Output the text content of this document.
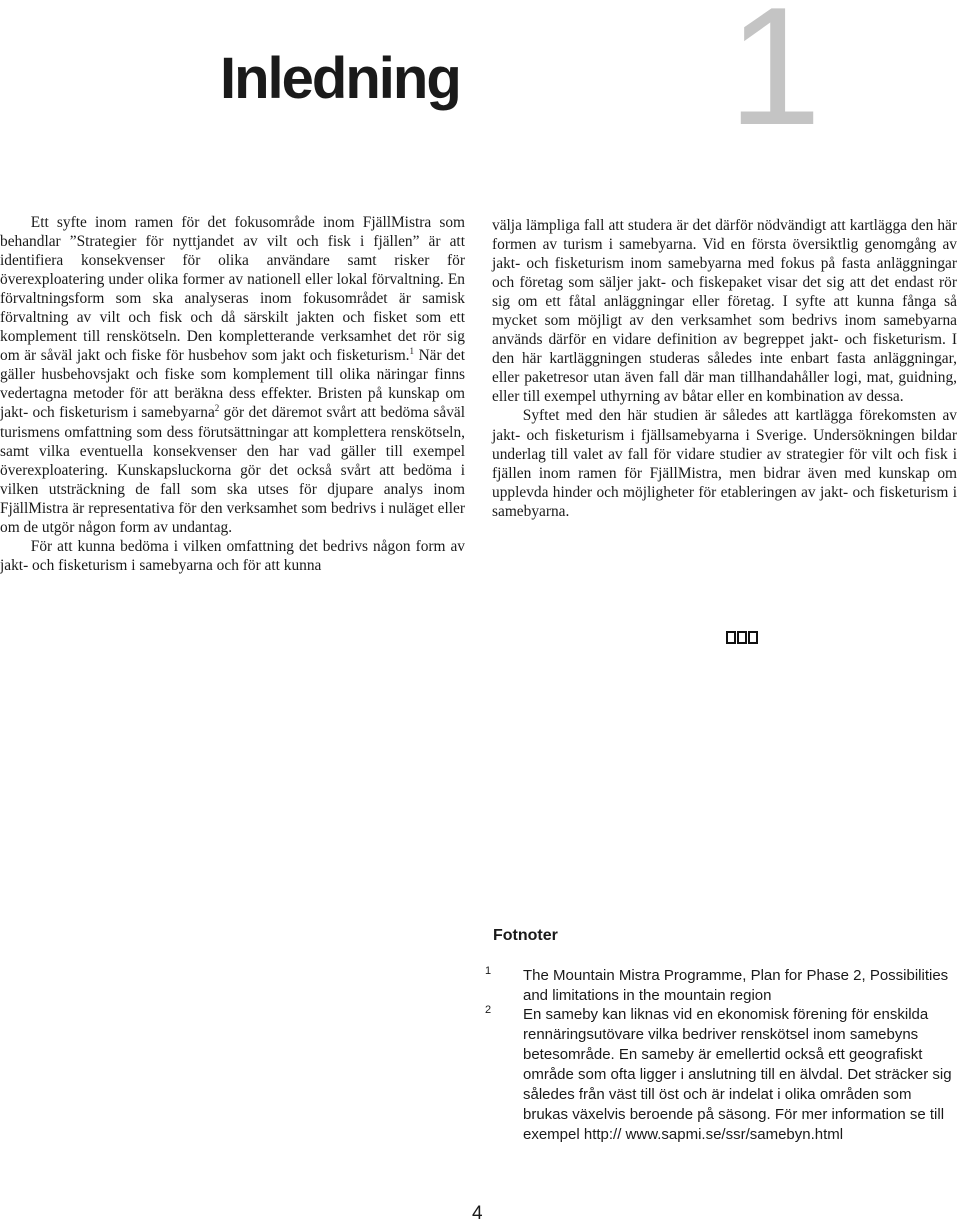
1
Inledning

Ett syfte inom ramen för det fokusområde inom FjällMistra som behandlar ”Strategier för nyttjandet av vilt och fisk i fjällen” är att identifiera konsekvenser för olika användare samt risker för överexploatering under olika former av nationell eller lokal förvaltning. En förvaltningsform som ska analyseras inom fokusområdet är samisk förvaltning av vilt och fisk och då särskilt jakten och fisket som ett komplement till renskötseln. Den kompletterande verksamhet det rör sig om är såväl jakt och fiske för husbehov som jakt och fisketurism.$^1$ När det gäller husbehovsjakt och fiske som komplement till olika näringar finns vedertagna metoder för att beräkna dess effekter. Bristen på kunskap om jakt- och fisketurism i samebyarna$^2$ gör det däremot svårt att bedöma såväl turismens omfattning som dess förutsättningar att komplettera renskötseln, samt vilka eventuella konsekvenser den har vad gäller till exempel överexploatering. Kunskapsluckorna gör det också svårt att bedöma i vilken utsträckning de fall som ska utses för djupare analys inom FjällMistra är representativa för den verksamhet som bedrivs i nuläget eller om de utgör någon form av undantag.

För att kunna bedöma i vilken omfattning det bedrivs någon form av jakt- och fisketurism i samebyarna och för att kunna

välja lämpliga fall att studera är det därför nödvändigt att kartlägga den här formen av turism i samebyarna. Vid en första översiktlig genomgång av jakt- och fisketurism inom samebyarna med fokus på fasta anläggningar och företag som säljer jakt- och fiskepaket visar det sig att det endast rör sig om ett fåtal anläggningar eller företag. I syfte att kunna fånga så mycket som möjligt av den verksamhet som bedrivs inom samebyarna används därför en vidare definition av begreppet jakt- och fisketurism. I den här kartläggningen studeras således inte enbart fasta anläggningar, eller paketresor utan även fall där man tillhandahåller logi, mat, guidning, eller till exempel uthyrning av båtar eller en kombination av dessa.

Syftet med den här studien är således att kartlägga förekomsten av jakt- och fisketurism i fjällsamebyarna i Sverige. Undersökningen bildar underlag till valet av fall för vidare studier av strategier för vilt och fisk i fjällen inom ramen för FjällMistra, men bidrar även med kunskap om upplevda hinder och möjligheter för etableringen av jakt- och fisketurism i samebyarna.

Fotnoter
1 The Mountain Mistra Programme, Plan for Phase 2, Possibilities and limitations in the mountain region
2 En sameby kan liknas vid en ekonomisk förening för enskilda rennäringsutövare vilka bedriver renskötsel inom samebyns betesområde. En sameby är emellertid också ett geografiskt område som ofta ligger i anslutning till en älvdal. Det sträcker sig således från väst till öst och är indelat i olika områden som brukas växelvis beroende på säsong. För mer information se till exempel http:// www.sapmi.se/ssr/samebyn.html
4
